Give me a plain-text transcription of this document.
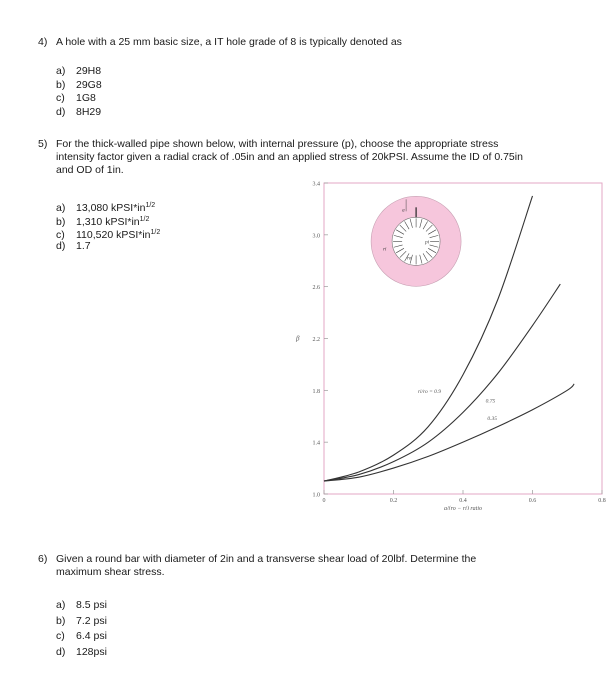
4) A hole with a 25 mm basic size, a IT hole grade of 8 is typically denoted as
a) 29H8
b) 29G8
c) 1G8
d) 8H29
5) For the thick-walled pipe shown below, with internal pressure (p), choose the appropriate stress
intensity factor given a radial crack of .05in and an applied stress of 20kPSI. Assume the ID of 0.75in
and OD of 1in.
a) 13,080 $kPSI*in^{1/2}$
b) 1,310 $kPSI*in^{1/2}$
c) 110,520 $kPSI*in^{1/2}$
d) 1.7
1.0
1.4
1.8
2.2
2.6
3.0
3.4
0	0.2	0.4	0.6	0.8
a/(ro − ri) ratio
β
ri/ro = 0.9
0.75
0.35
a
pi
ri
ro
6) Given a round bar with diameter of 2in and a transverse shear load of 20lbf. Determine the
maximum shear stress.
a) 8.5 psi
b) 7.2 psi
c) 6.4 psi
d) 128psi
